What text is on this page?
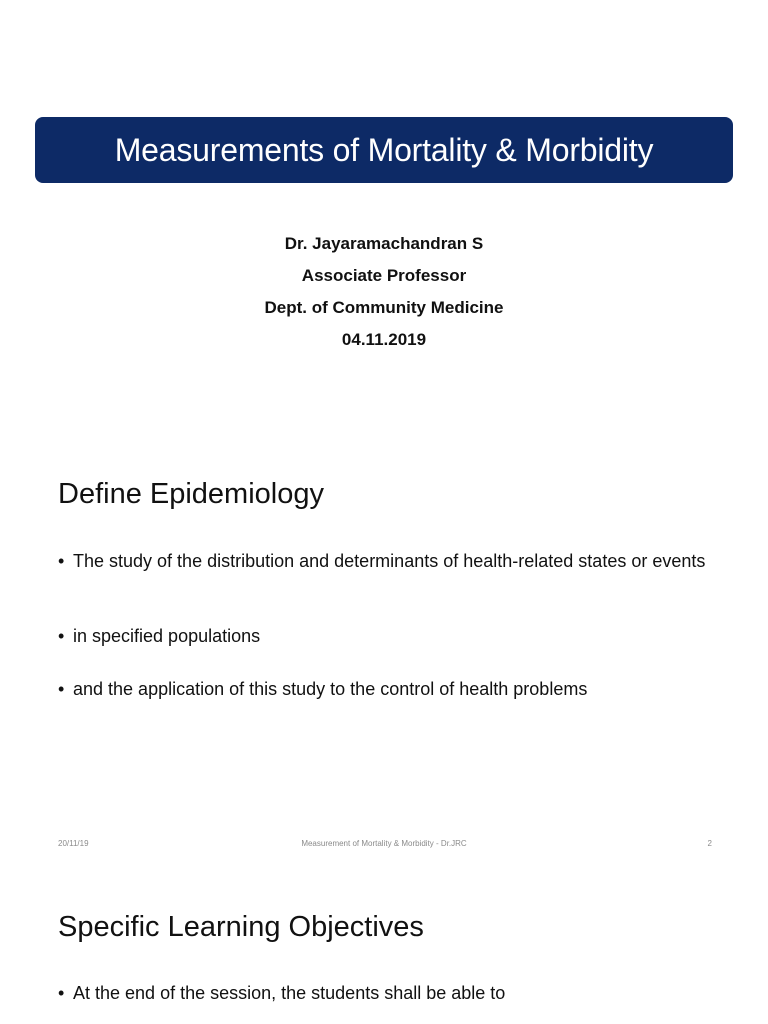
Measurements of Mortality & Morbidity
Dr. Jayaramachandran S
Associate Professor
Dept. of Community Medicine
04.11.2019
Define Epidemiology
• The study of the distribution and determinants of health-related states or events
• in specified populations
• and the application of this study to the control of health problems
20/11/19	Measurement of Mortality & Morbidity - Dr.JRC	2
Specific Learning Objectives
• At the end of the session, the students shall be able to
